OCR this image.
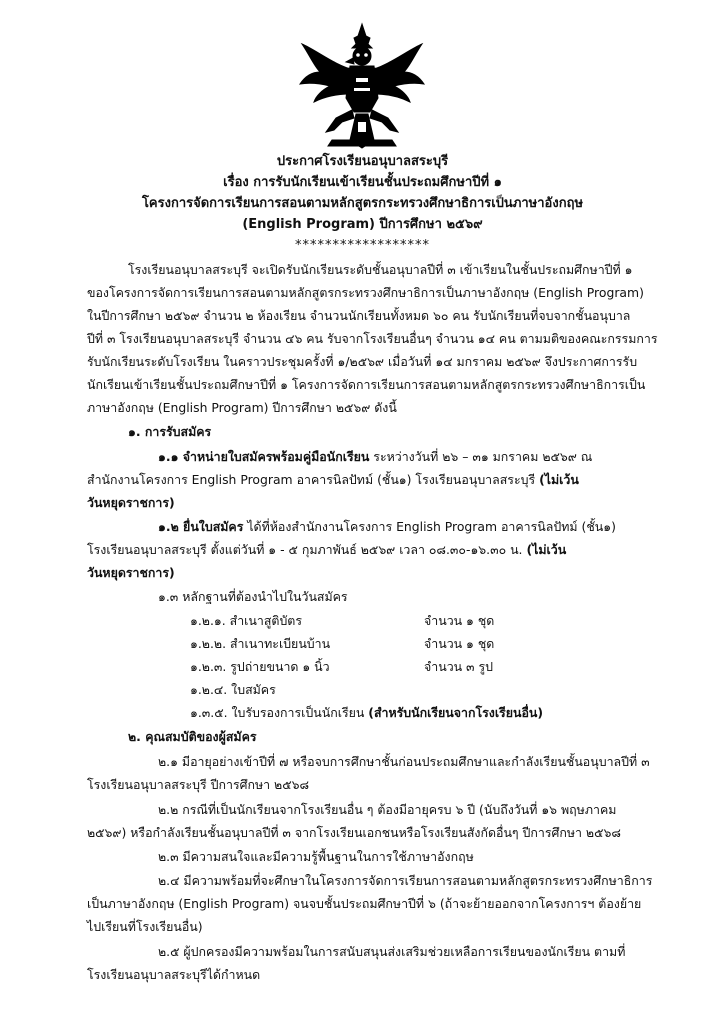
ประกาศโรงเรียนอนุบาลสระบุรี
เรื่อง การรับนักเรียนเข้าเรียนชั้นประถมศึกษาปีที่ ๑
โครงการจัดการเรียนการสอนตามหลักสูตรกระทรวงศึกษาธิการเป็นภาษาอังกฤษ
(English Program) ปีการศึกษา ๒๕๖๙
******************
โรงเรียนอนุบาลสระบุรี จะเปิดรับนักเรียนระดับชั้นอนุบาลปีที่ ๓ เข้าเรียนในชั้นประถมศึกษาปีที่ ๑
ของโครงการจัดการเรียนการสอนตามหลักสูตรกระทรวงศึกษาธิการเป็นภาษาอังกฤษ (English Program)
ในปีการศึกษา ๒๕๖๙ จำนวน ๒ ห้องเรียน จำนวนนักเรียนทั้งหมด ๖๐ คน รับนักเรียนที่จบจากชั้นอนุบาล
ปีที่ ๓ โรงเรียนอนุบาลสระบุรี จำนวน ๔๖ คน รับจากโรงเรียนอื่นๆ จำนวน ๑๔ คน ตามมติของคณะกรรมการ
รับนักเรียนระดับโรงเรียน ในคราวประชุมครั้งที่ ๑/๒๕๖๙ เมื่อวันที่ ๑๔ มกราคม ๒๕๖๙ จึงประกาศการรับ
นักเรียนเข้าเรียนชั้นประถมศึกษาปีที่ ๑ โครงการจัดการเรียนการสอนตามหลักสูตรกระทรวงศึกษาธิการเป็น
ภาษาอังกฤษ (English Program) ปีการศึกษา ๒๕๖๙ ดังนี้
๑. การรับสมัคร
๑.๑ จำหน่ายใบสมัครพร้อมคู่มือนักเรียน ระหว่างวันที่ ๒๖ – ๓๑ มกราคม ๒๕๖๙ ณ
สำนักงานโครงการ English Program อาคารนิลปัทม์ (ชั้น๑) โรงเรียนอนุบาลสระบุรี (ไม่เว้น
วันหยุดราชการ)
๑.๒ ยื่นใบสมัคร ได้ที่ห้องสำนักงานโครงการ English Program อาคารนิลปัทม์ (ชั้น๑)
โรงเรียนอนุบาลสระบุรี ตั้งแต่วันที่ ๑ - ๕ กุมภาพันธ์ ๒๕๖๙ เวลา ๐๘.๓๐-๑๖.๓๐ น. (ไม่เว้น
วันหยุดราชการ)
๑.๓ หลักฐานที่ต้องนำไปในวันสมัคร
๑.๒.๑. สำเนาสูติบัตร	จำนวน ๑ ชุด
๑.๒.๒. สำเนาทะเบียนบ้าน	จำนวน ๑ ชุด
๑.๒.๓. รูปถ่ายขนาด ๑ นิ้ว	จำนวน ๓ รูป
๑.๒.๔. ใบสมัคร
๑.๓.๕. ใบรับรองการเป็นนักเรียน (สำหรับนักเรียนจากโรงเรียนอื่น)
๒. คุณสมบัติของผู้สมัคร
๒.๑ มีอายุอย่างเข้าปีที่ ๗ หรือจบการศึกษาชั้นก่อนประถมศึกษาและกำลังเรียนชั้นอนุบาลปีที่ ๓
โรงเรียนอนุบาลสระบุรี ปีการศึกษา ๒๕๖๘
๒.๒ กรณีที่เป็นนักเรียนจากโรงเรียนอื่น ๆ ต้องมีอายุครบ ๖ ปี (นับถึงวันที่ ๑๖ พฤษภาคม
๒๕๖๙) หรือกำลังเรียนชั้นอนุบาลปีที่ ๓ จากโรงเรียนเอกชนหรือโรงเรียนสังกัดอื่นๆ ปีการศึกษา ๒๕๖๘
๒.๓ มีความสนใจและมีความรู้พื้นฐานในการใช้ภาษาอังกฤษ
๒.๔ มีความพร้อมที่จะศึกษาในโครงการจัดการเรียนการสอนตามหลักสูตรกระทรวงศึกษาธิการ
เป็นภาษาอังกฤษ (English Program) จนจบชั้นประถมศึกษาปีที่ ๖ (ถ้าจะย้ายออกจากโครงการฯ ต้องย้าย
ไปเรียนที่โรงเรียนอื่น)
๒.๕ ผู้ปกครองมีความพร้อมในการสนับสนุนส่งเสริมช่วยเหลือการเรียนของนักเรียน ตามที่
โรงเรียนอนุบาลสระบุรีได้กำหนด
